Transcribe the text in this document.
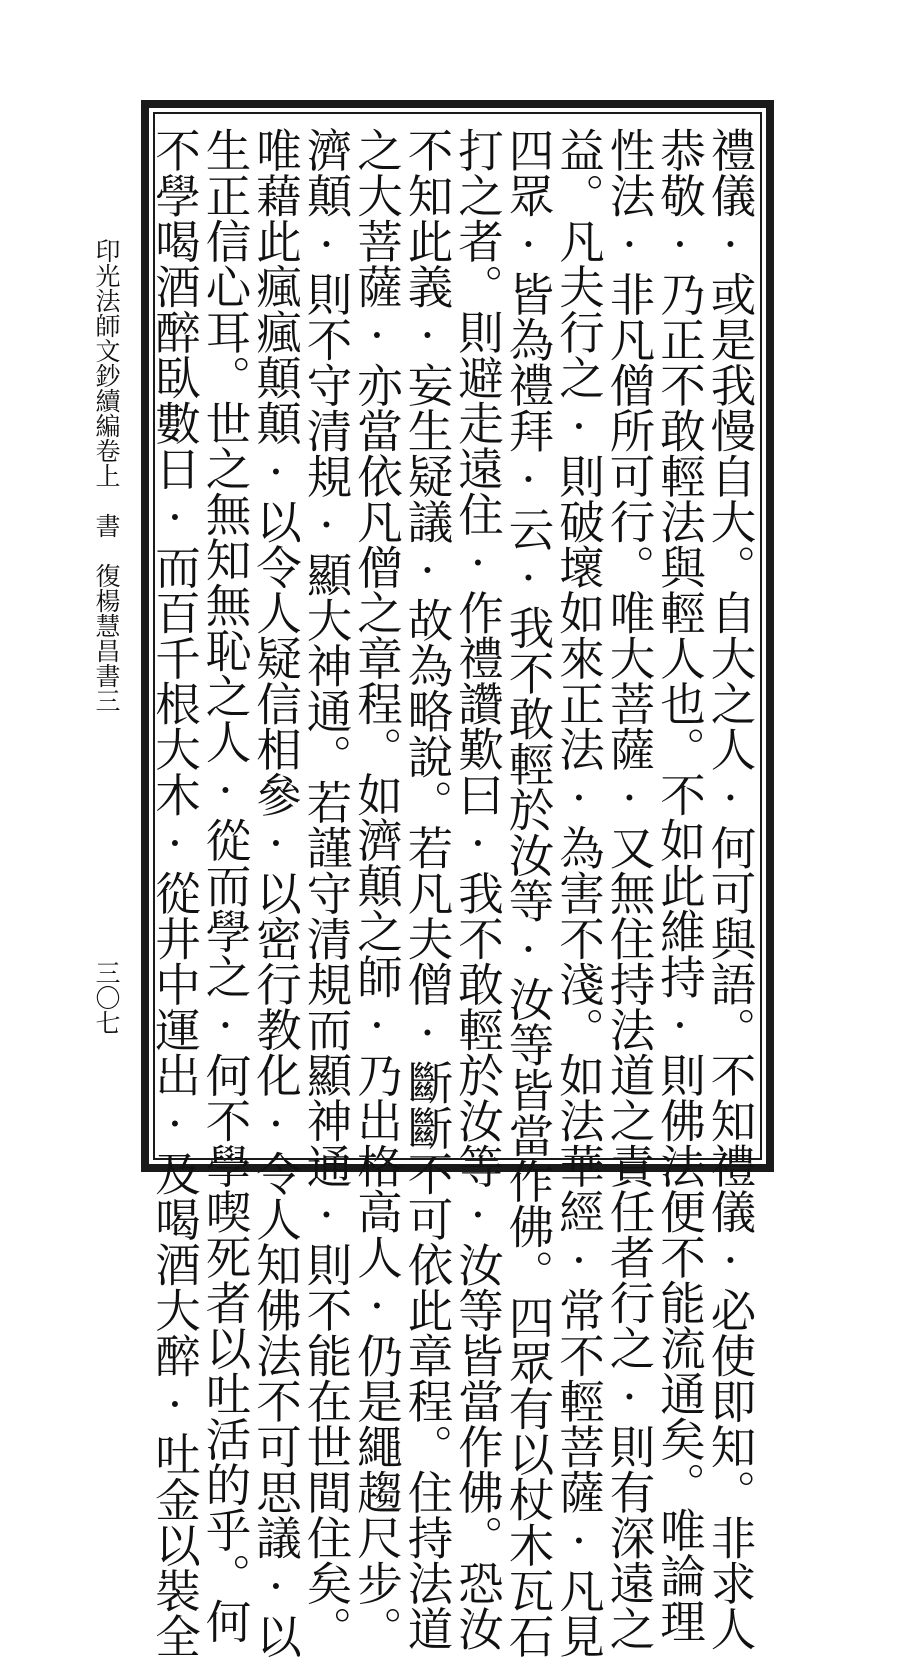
印光法師文鈔續編卷上　書　復楊慧昌書三
三〇七	禮儀·或是我慢自大。自大之人·何可與語。不知禮儀·必使即知。非求人
恭敬·乃正不敢輕法與輕人也。不如此維持·則佛法便不能流通矣。唯論理
性法·非凡僧所可行。唯大菩薩·又無住持法道之責任者行之·則有深遠之
益。凡夫行之·則破壞如來正法·為害不淺。如法華經·常不輕菩薩·凡見
四眾·皆為禮拜·云·我不敢輕於汝等·汝等皆當作佛。四眾有以杖木瓦石
打之者。則避走遠住·作禮讚歎曰·我不敢輕於汝等·汝等皆當作佛。恐汝
不知此義·妄生疑議·故為略說。若凡夫僧·斷斷不可依此章程。住持法道
之大菩薩·亦當依凡僧之章程。如濟顛之師·乃出格高人·仍是繩趨尺步。
濟顛·則不守清規·顯大神通。若謹守清規而顯神通·則不能在世間住矣。
唯藉此瘋瘋顛顛·以令人疑信相參·以密行教化·令人知佛法不可思議·以
生正信心耳。世之無知無恥之人·從而學之·何不學喫死者以吐活的乎。何
不學喝酒醉臥數日·而百千根大木·從井中運出·及喝酒大醉·吐金以裝全
